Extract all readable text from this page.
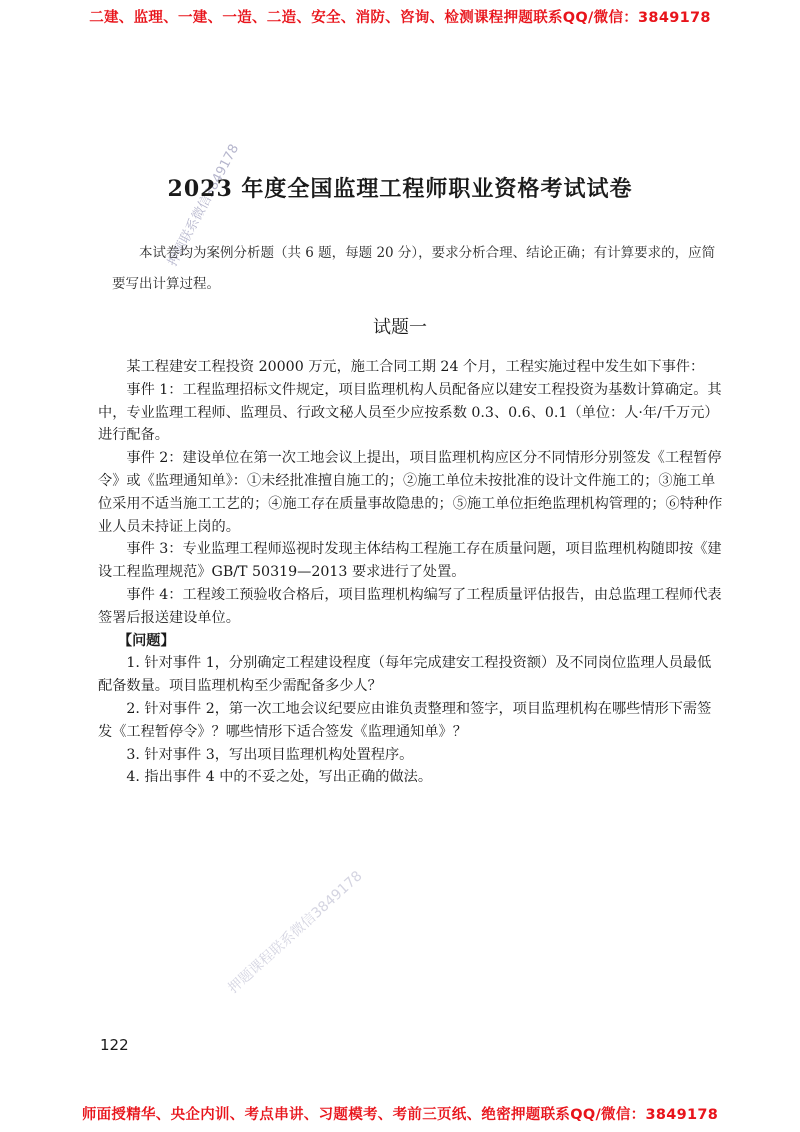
二建、监理、一建、一造、二造、安全、消防、咨询、检测课程押题联系QQ/微信：3849178
押题联系微信3849178
2023 年度全国监理工程师职业资格考试试卷
本试卷均为案例分析题（共 6 题，每题 20 分），要求分析合理、结论正确；有计算要求的，应简要写出计算过程。
试题一

某工程建安工程投资 20000 万元，施工合同工期 24 个月，工程实施过程中发生如下事件：

事件 1：工程监理招标文件规定，项目监理机构人员配备应以建安工程投资为基数计算确定。其中，专业监理工程师、监理员、行政文秘人员至少应按系数 0.3、0.6、0.1（单位：人·年/千万元）进行配备。

事件 2：建设单位在第一次工地会议上提出，项目监理机构应区分不同情形分别签发《工程暂停令》或《监理通知单》：①未经批准擅自施工的；②施工单位未按批准的设计文件施工的；③施工单位采用不适当施工工艺的；④施工存在质量事故隐患的；⑤施工单位拒绝监理机构管理的；⑥特种作业人员未持证上岗的。

事件 3：专业监理工程师巡视时发现主体结构工程施工存在质量问题，项目监理机构随即按《建设工程监理规范》GB/T 50319—2013 要求进行了处置。

事件 4：工程竣工预验收合格后，项目监理机构编写了工程质量评估报告，由总监理工程师代表签署后报送建设单位。

【问题】

1. 针对事件 1，分别确定工程建设程度（每年完成建安工程投资额）及不同岗位监理人员最低配备数量。项目监理机构至少需配备多少人？

2. 针对事件 2，第一次工地会议纪要应由谁负责整理和签字，项目监理机构在哪些情形下需签发《工程暂停令》？哪些情形下适合签发《监理通知单》？

3. 针对事件 3，写出项目监理机构处置程序。

4. 指出事件 4 中的不妥之处，写出正确的做法。

押题课程联系微信3849178
122
师面授精华、央企内训、考点串讲、习题模考、考前三页纸、绝密押题联系QQ/微信：3849178
